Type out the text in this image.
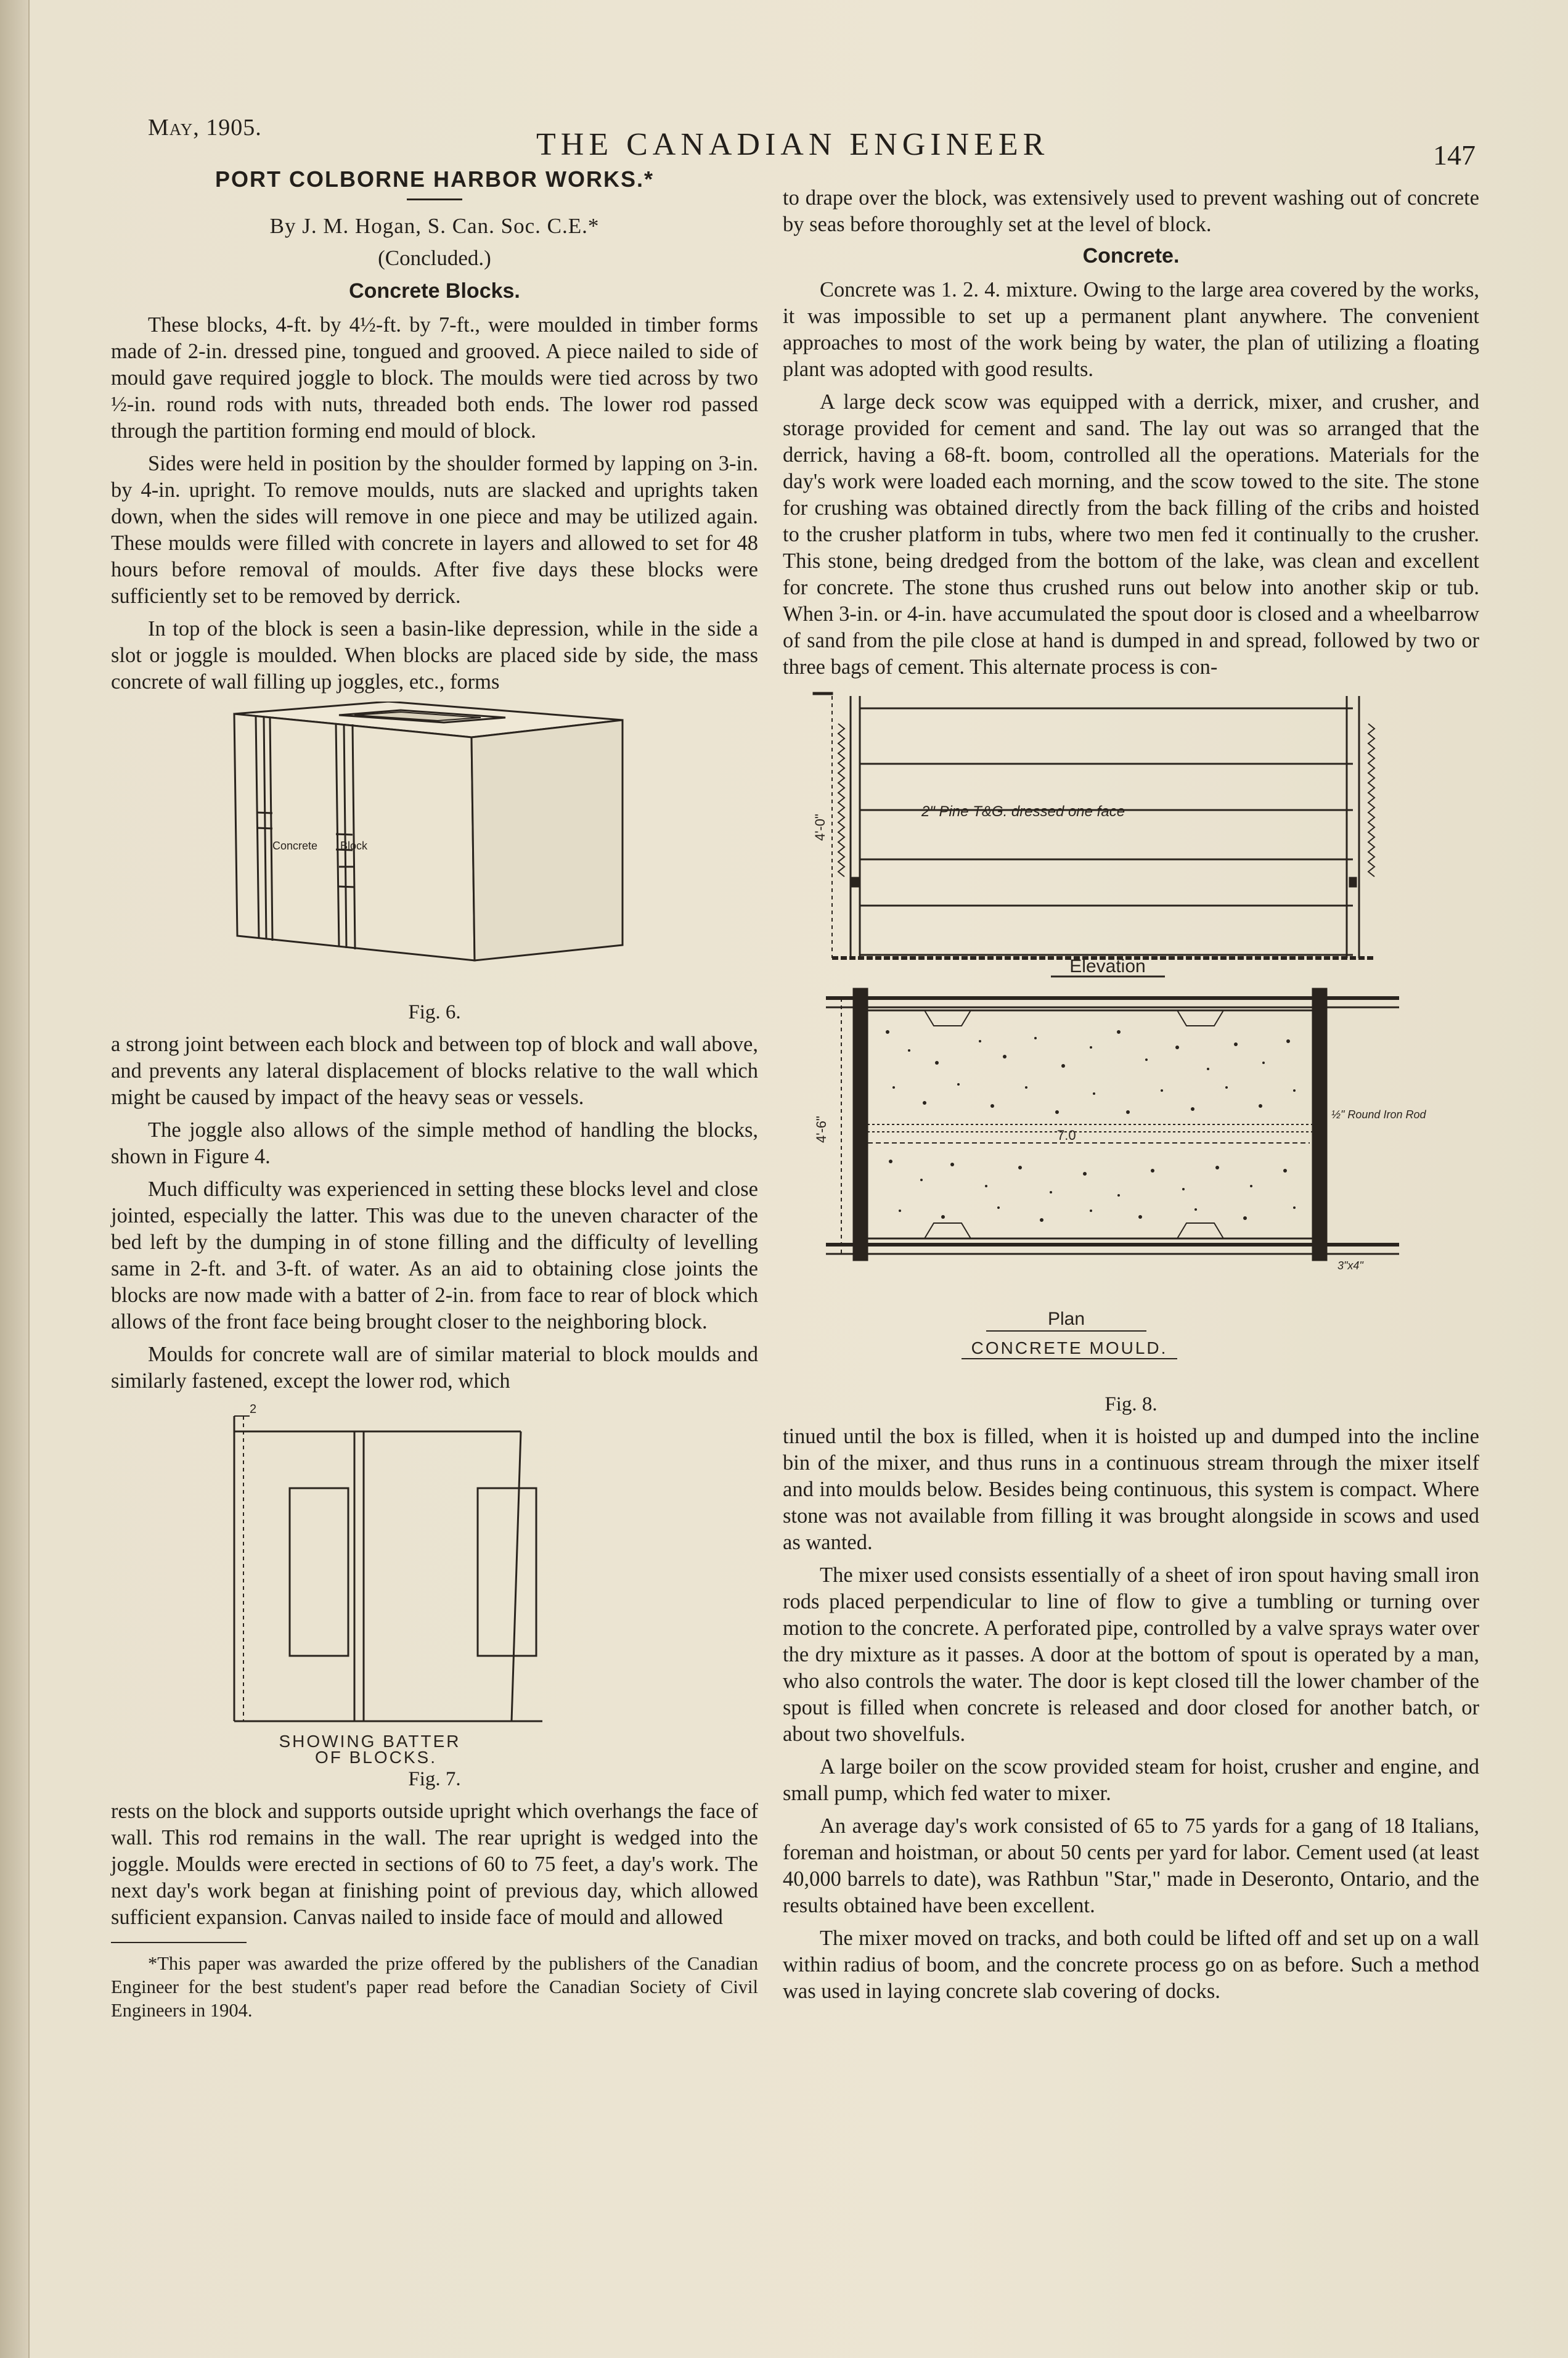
May, 1905.	THE CANADIAN ENGINEER	147
PORT COLBORNE HARBOR WORKS.*
By J. M. Hogan, S. Can. Soc. C.E.*
(Concluded.)
Concrete Blocks.

These blocks, 4-ft. by 4½-ft. by 7-ft., were moulded in timber forms made of 2-in. dressed pine, tongued and grooved. A piece nailed to side of mould gave required joggle to block. The moulds were tied across by two ½-in. round rods with nuts, threaded both ends. The lower rod passed through the partition forming end mould of block.

Sides were held in position by the shoulder formed by lapping on 3-in. by 4-in. upright. To remove moulds, nuts are slacked and uprights taken down, when the sides will remove in one piece and may be utilized again. These moulds were filled with concrete in layers and allowed to set for 48 hours before removal of moulds. After five days these blocks were sufficiently set to be removed by derrick.

In top of the block is seen a basin-like depression, while in the side a slot or joggle is moulded. When blocks are placed side by side, the mass concrete of wall filling up joggles, etc., forms

Concrete Block
Fig. 6.

a strong joint between each block and between top of block and wall above, and prevents any lateral displacement of blocks relative to the wall which might be caused by impact of the heavy seas or vessels.

The joggle also allows of the simple method of handling the blocks, shown in Figure 4.

Much difficulty was experienced in setting these blocks level and close jointed, especially the latter. This was due to the uneven character of the bed left by the dumping in of stone filling and the difficulty of levelling same in 2-ft. and 3-ft. of water. As an aid to obtaining close joints the blocks are now made with a batter of 2-in. from face to rear of block which allows of the front face being brought closer to the neighboring block.

Moulds for concrete wall are of similar material to block moulds and similarly fastened, except the lower rod, which

2
SHOWING BATTER
OF BLOCKS.
Fig. 7.

rests on the block and supports outside upright which overhangs the face of wall. This rod remains in the wall. The rear upright is wedged into the joggle. Moulds were erected in sections of 60 to 75 feet, a day's work. The next day's work began at finishing point of previous day, which allowed sufficient expansion. Canvas nailed to inside face of mould and allowed

*This paper was awarded the prize offered by the publishers of the Canadian Engineer for the best student's paper read before the Canadian Society of Civil Engineers in 1904.

to drape over the block, was extensively used to prevent washing out of concrete by seas before thoroughly set at the level of block.

Concrete.

Concrete was 1. 2. 4. mixture. Owing to the large area covered by the works, it was impossible to set up a permanent plant anywhere. The convenient approaches to most of the work being by water, the plan of utilizing a floating plant was adopted with good results.

A large deck scow was equipped with a derrick, mixer, and crusher, and storage provided for cement and sand. The lay out was so arranged that the derrick, having a 68-ft. boom, controlled all the operations. Materials for the day's work were loaded each morning, and the scow towed to the site. The stone for crushing was obtained directly from the back filling of the cribs and hoisted to the crusher platform in tubs, where two men fed it continually to the crusher. This stone, being dredged from the bottom of the lake, was clean and excellent for concrete. The stone thus crushed runs out below into another skip or tub. When 3-in. or 4-in. have accumulated the spout door is closed and a wheelbarrow of sand from the pile close at hand is dumped in and spread, followed by two or three bags of cement. This alternate process is con-

4'-0"
2" Pine T&G. dressed one face
Elevation
4'-6"	7.0
½" Round Iron Rod
Plan
3"x4"
CONCRETE MOULD.
Fig. 8.

tinued until the box is filled, when it is hoisted up and dumped into the incline bin of the mixer, and thus runs in a continuous stream through the mixer itself and into moulds below. Besides being continuous, this system is compact. Where stone was not available from filling it was brought alongside in scows and used as wanted.

The mixer used consists essentially of a sheet of iron spout having small iron rods placed perpendicular to line of flow to give a tumbling or turning over motion to the concrete. A perforated pipe, controlled by a valve sprays water over the dry mixture as it passes. A door at the bottom of spout is operated by a man, who also controls the water. The door is kept closed till the lower chamber of the spout is filled when concrete is released and door closed for another batch, or about two shovelfuls.

A large boiler on the scow provided steam for hoist, crusher and engine, and small pump, which fed water to mixer.

An average day's work consisted of 65 to 75 yards for a gang of 18 Italians, foreman and hoistman, or about 50 cents per yard for labor. Cement used (at least 40,000 barrels to date), was Rathbun "Star," made in Deseronto, Ontario, and the results obtained have been excellent.

The mixer moved on tracks, and both could be lifted off and set up on a wall within radius of boom, and the concrete process go on as before. Such a method was used in laying concrete slab covering of docks.
